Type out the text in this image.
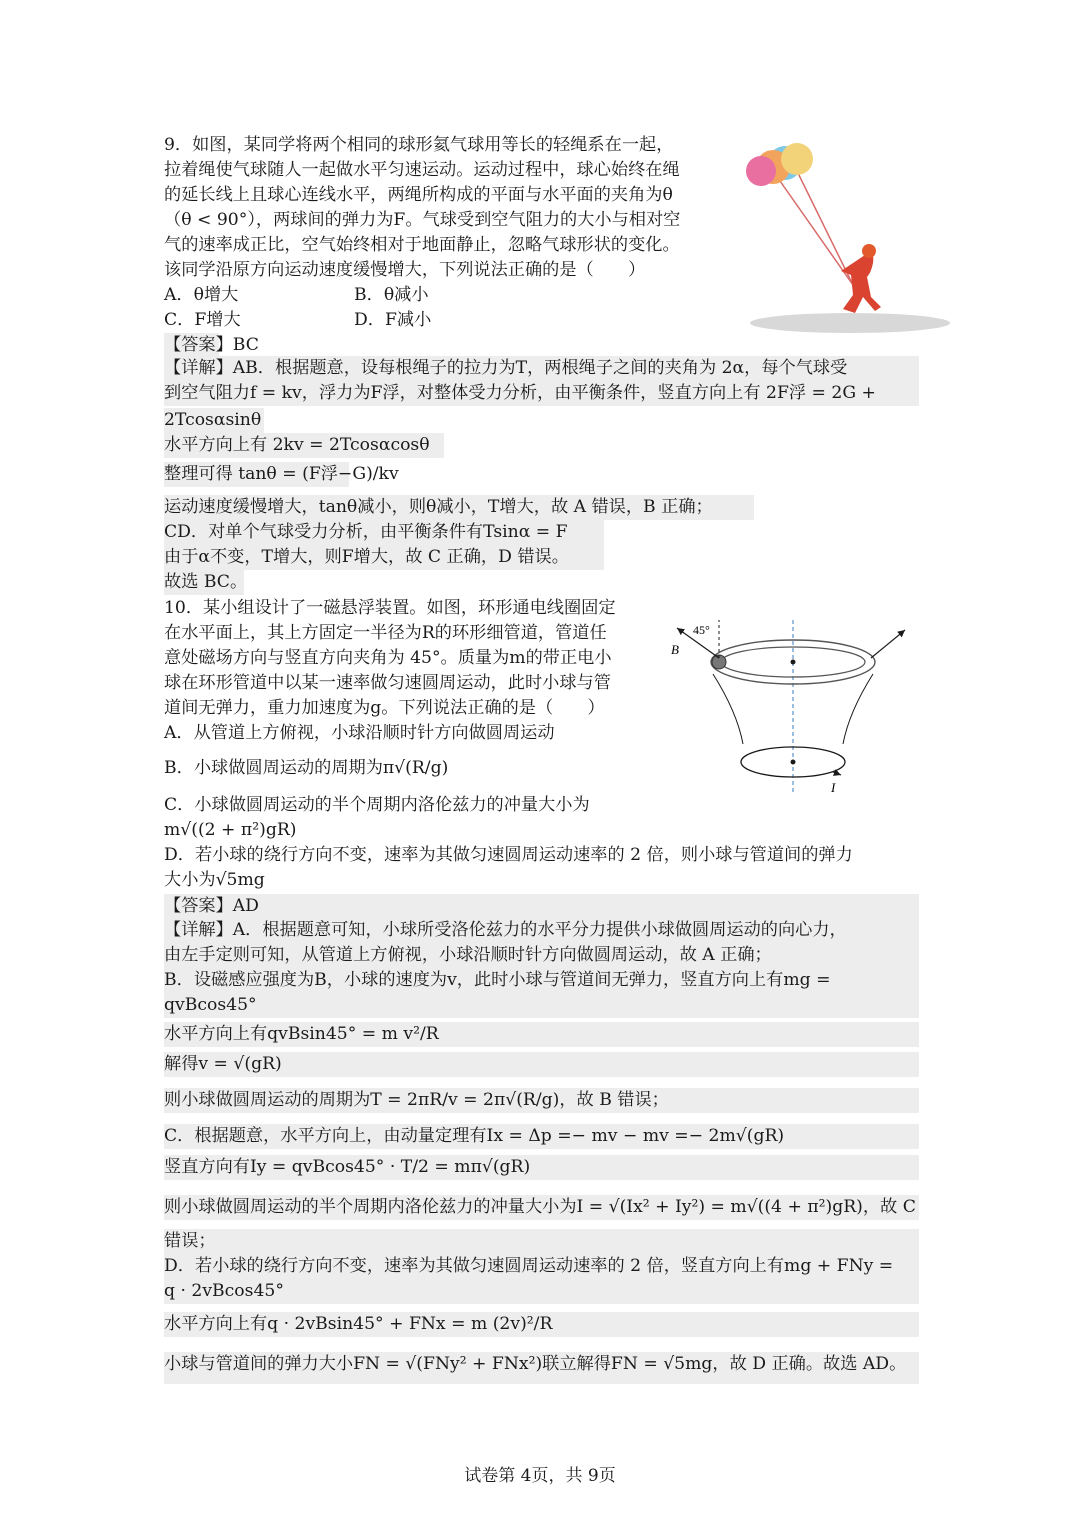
9．如图，某同学将两个相同的球形氦气球用等长的轻绳系在一起，
拉着绳使气球随人一起做水平匀速运动。运动过程中，球心始终在绳
的延长线上且球心连线水平，两绳所构成的平面与水平面的夹角为θ
（θ < 90°），两球间的弹力为F。气球受到空气阻力的大小与相对空
气的速率成正比，空气始终相对于地面静止，忽略气球形状的变化。
该同学沿原方向运动速度缓慢增大，下列说法正确的是（　　）
A．θ增大	B．θ减小
C．F增大	D．F减小
【答案】BC
【详解】AB．根据题意，设每根绳子的拉力为T，两根绳子之间的夹角为 2α，每个气球受
到空气阻力f = kv，浮力为F浮，对整体受力分析，由平衡条件，竖直方向上有 2F浮 = 2G +
2Tcosαsinθ
水平方向上有 2kv = 2Tcosαcosθ
整理可得 tanθ = (F浮−G)/kv
运动速度缓慢增大，tanθ减小，则θ减小，T增大，故 A 错误，B 正确；
CD．对单个气球受力分析，由平衡条件有Tsinα = F
由于α不变，T增大，则F增大，故 C 正确，D 错误。
故选 BC。
10．某小组设计了一磁悬浮装置。如图，环形通电线圈固定
在水平面上，其上方固定一半径为R的环形细管道，管道任
意处磁场方向与竖直方向夹角为 45°。质量为m的带正电小
球在环形管道中以某一速率做匀速圆周运动，此时小球与管
道间无弹力，重力加速度为g。下列说法正确的是（　　）
A．从管道上方俯视，小球沿顺时针方向做圆周运动
B．小球做圆周运动的周期为π√(R/g)
C．小球做圆周运动的半个周期内洛伦兹力的冲量大小为
m√((2 + π²)gR)
D．若小球的绕行方向不变，速率为其做匀速圆周运动速率的 2 倍，则小球与管道间的弹力
大小为√5mg
45°
B
I
【答案】AD
【详解】A．根据题意可知，小球所受洛伦兹力的水平分力提供小球做圆周运动的向心力，
由左手定则可知，从管道上方俯视，小球沿顺时针方向做圆周运动，故 A 正确；
B．设磁感应强度为B，小球的速度为v，此时小球与管道间无弹力，竖直方向上有mg =
qvBcos45°
水平方向上有qvBsin45° = m v²/R
解得v = √(gR)
则小球做圆周运动的周期为T = 2πR/v = 2π√(R/g)，故 B 错误；
C．根据题意，水平方向上，由动量定理有Ix = Δp =− mv − mv =− 2m√(gR)
竖直方向有Iy = qvBcos45° · T/2 = mπ√(gR)
则小球做圆周运动的半个周期内洛伦兹力的冲量大小为I = √(Ix² + Iy²) = m√((4 + π²)gR)，故 C
错误；
D．若小球的绕行方向不变，速率为其做匀速圆周运动速率的 2 倍，竖直方向上有mg + FNy =
q · 2vBcos45°
水平方向上有q · 2vBsin45° + FNx = m (2v)²/R
小球与管道间的弹力大小FN = √(FNy² + FNx²)联立解得FN = √5mg，故 D 正确。故选 AD。
试卷第 4页，共 9页
